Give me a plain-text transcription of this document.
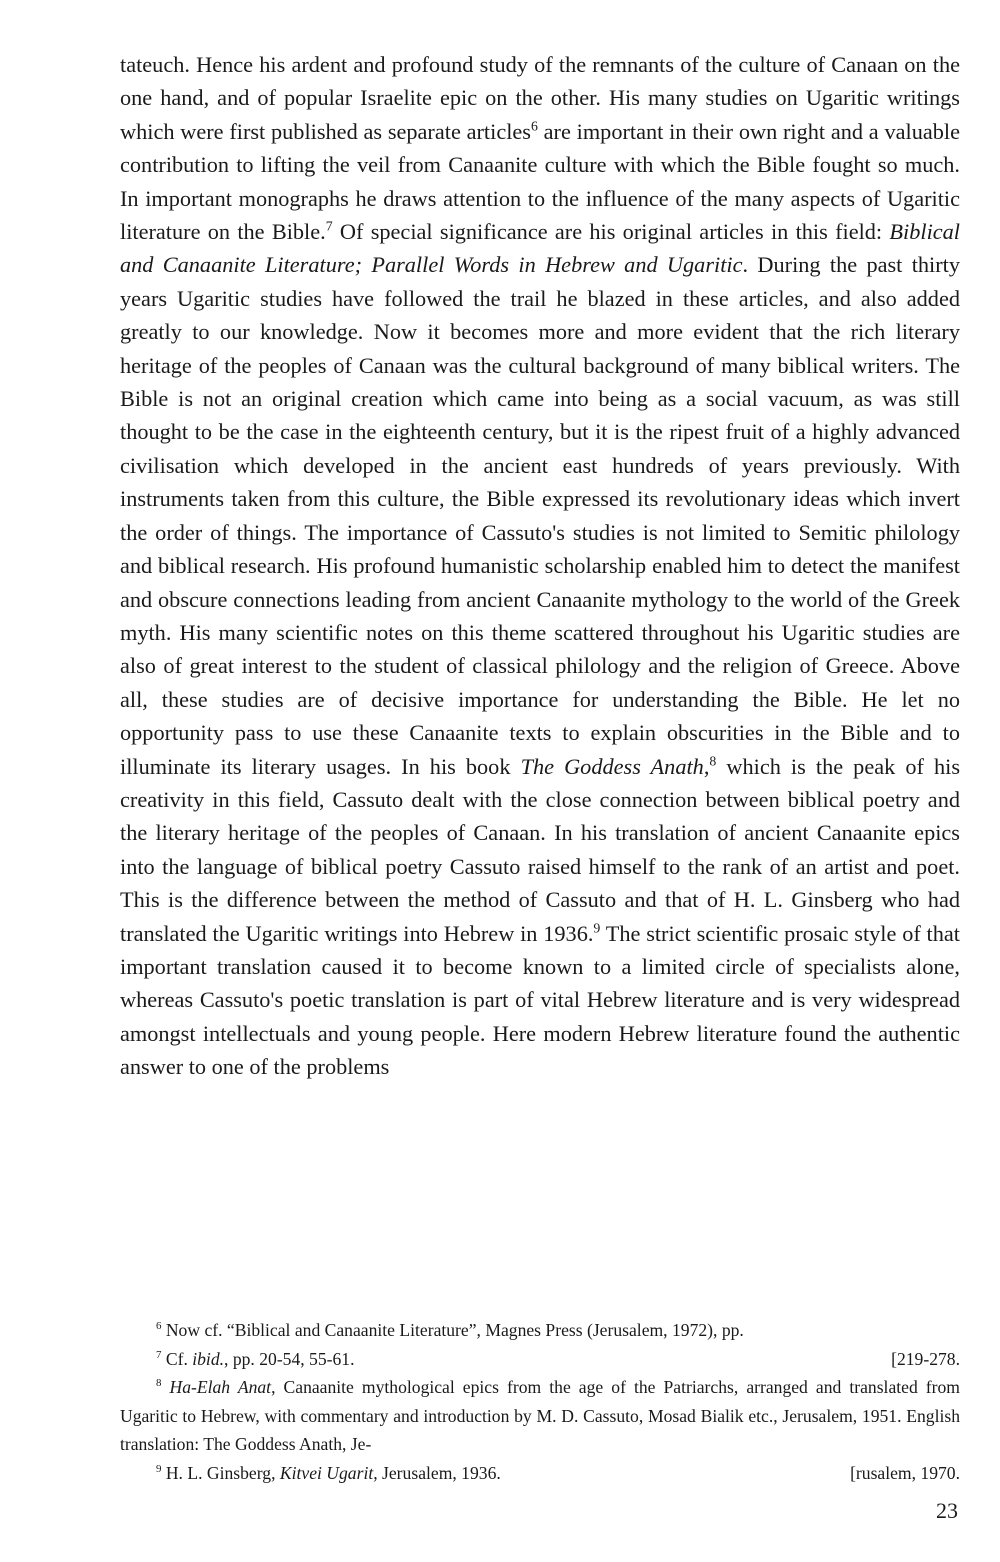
tateuch. Hence his ardent and profound study of the remnants of the culture of Canaan on the one hand, and of popular Israelite epic on the other. His many studies on Ugaritic writings which were first published as separate articles$^6$ are important in their own right and a valuable contribution to lifting the veil from Canaanite culture with which the Bible fought so much. In important monographs he draws attention to the influence of the many aspects of Ugaritic literature on the Bible.$^7$ Of special significance are his original articles in this field: Biblical and Canaanite Literature; Parallel Words in Hebrew and Ugaritic. During the past thirty years Ugaritic studies have followed the trail he blazed in these articles, and also added greatly to our knowledge. Now it becomes more and more evident that the rich literary heritage of the peoples of Canaan was the cultural background of many biblical writers. The Bible is not an original creation which came into being as a social vacuum, as was still thought to be the case in the eighteenth century, but it is the ripest fruit of a highly advanced civilisation which developed in the ancient east hundreds of years previously. With instruments taken from this culture, the Bible expressed its revolutionary ideas which invert the order of things. The importance of Cassuto's studies is not limited to Semitic philology and biblical research. His profound humanistic scholarship enabled him to detect the manifest and obscure connections leading from ancient Canaanite mythology to the world of the Greek myth. His many scientific notes on this theme scattered throughout his Ugaritic studies are also of great interest to the student of classical philology and the religion of Greece. Above all, these studies are of decisive importance for understanding the Bible. He let no opportunity pass to use these Canaanite texts to explain obscurities in the Bible and to illuminate its literary usages. In his book The Goddess Anath,$^8$ which is the peak of his creativity in this field, Cassuto dealt with the close connection between biblical poetry and the literary heritage of the peoples of Canaan. In his translation of ancient Canaanite epics into the language of biblical poetry Cassuto raised himself to the rank of an artist and poet. This is the difference between the method of Cassuto and that of H. L. Ginsberg who had translated the Ugaritic writings into Hebrew in 1936.$^9$ The strict scientific prosaic style of that important translation caused it to become known to a limited circle of specialists alone, whereas Cassuto's poetic translation is part of vital Hebrew literature and is very widespread amongst intellectuals and young people. Here modern Hebrew literature found the authentic answer to one of the problems

$^6$ Now cf. “Biblical and Canaanite Literature”, Magnes Press (Jerusalem, 1972), pp.

$^7$ Cf. ibid., pp. 20-54, 55-61.	[219-278.

$^8$ Ha-Elah Anat, Canaanite mythological epics from the age of the Patriarchs, arranged and translated from Ugaritic to Hebrew, with commentary and introduction by M. D. Cassuto, Mosad Bialik etc., Jerusalem, 1951. English translation: The Goddess Anath, Je-

$^9$ H. L. Ginsberg, Kitvei Ugarit, Jerusalem, 1936.	[rusalem, 1970.
23
